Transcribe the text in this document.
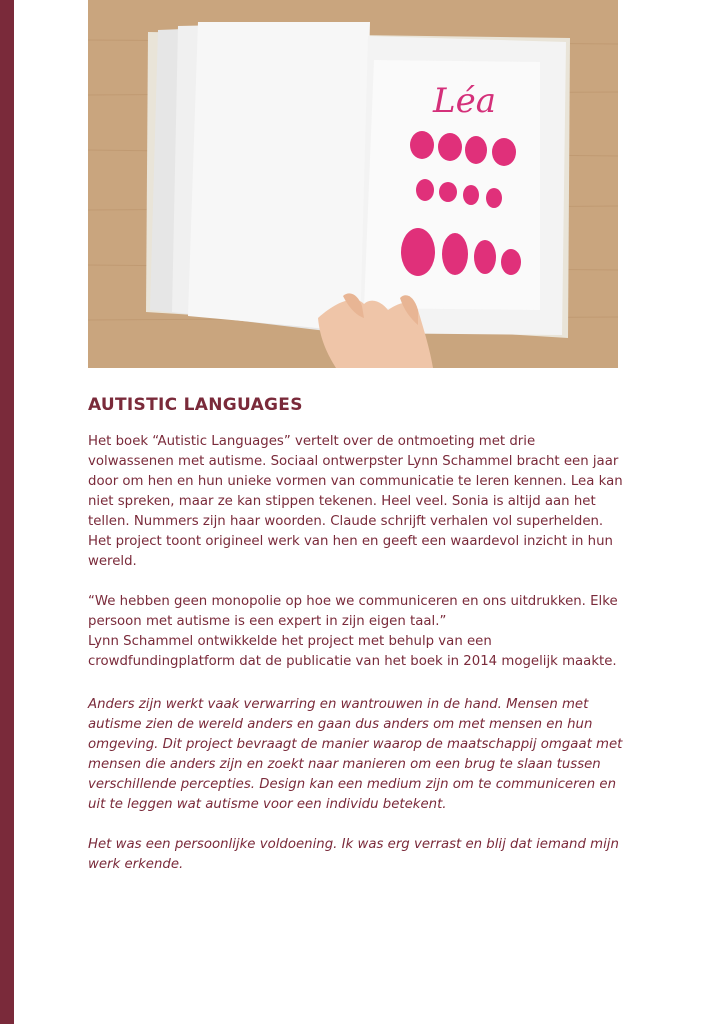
Léa
AUTISTIC LANGUAGES

Het boek “Autistic Languages” vertelt over de ontmoeting met drie
volwassenen met autisme. Sociaal ontwerpster Lynn Schammel bracht een jaar
door om hen en hun unieke vormen van communicatie te leren kennen. Lea kan
niet spreken, maar ze kan stippen tekenen. Heel veel. Sonia is altijd aan het
tellen. Nummers zijn haar woorden. Claude schrijft verhalen vol superhelden.
Het project toont origineel werk van hen en geeft een waardevol inzicht in hun
wereld.

“We hebben geen monopolie op hoe we communiceren en ons uitdrukken. Elke
persoon met autisme is een expert in zijn eigen taal.”
Lynn Schammel ontwikkelde het project met behulp van een
crowdfundingplatform dat de publicatie van het boek in 2014 mogelijk maakte.

Anders zijn werkt vaak verwarring en wantrouwen in de hand. Mensen met
autisme zien de wereld anders en gaan dus anders om met mensen en hun
omgeving. Dit project bevraagt de manier waarop de maatschappij omgaat met
mensen die anders zijn en zoekt naar manieren om een brug te slaan tussen
verschillende percepties. Design kan een medium zijn om te communiceren en
uit te leggen wat autisme voor een individu betekent.

Het was een persoonlijke voldoening. Ik was erg verrast en blij dat iemand mijn
werk erkende.
